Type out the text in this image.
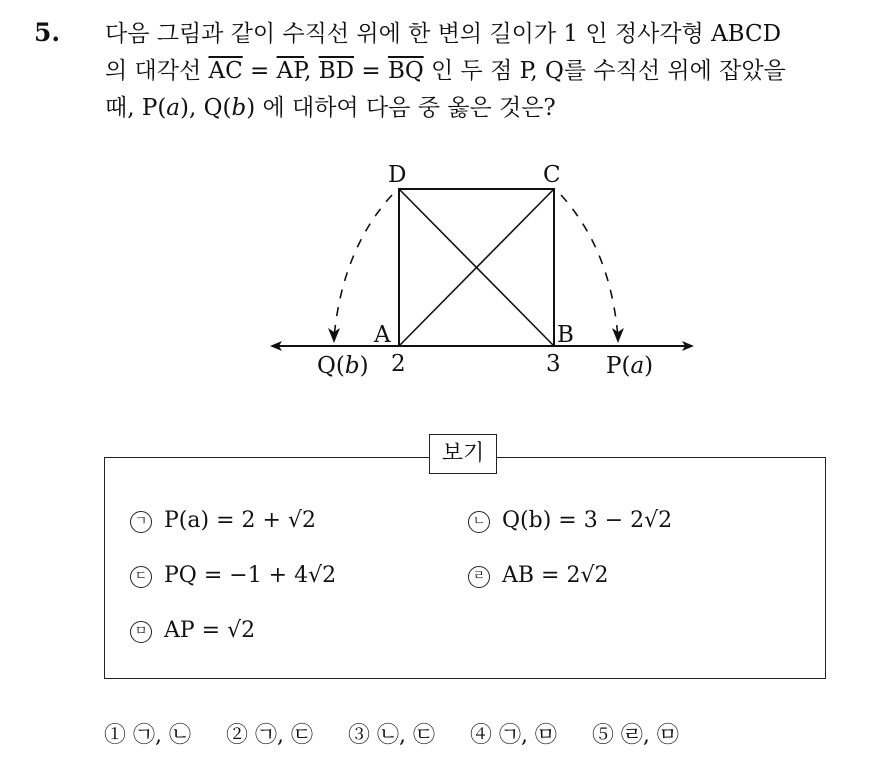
5. 다음 그림과 같이 수직선 위에 한 변의 길이가 1 인 정사각형 ABCD
의 대각선 $\overline{AC} = \overline{AP}$, $\overline{BD} = \overline{BQ}$ 인 두 점 P, Q를 수직선 위에 잡았을
때, P(a), Q(b) 에 대하여 다음 중 옳은 것은?
D	C
A	B
2	3
Q(b)	P(a)
보기
ㄱ P(a) = 2 + √2	ㄴ Q(b) = 3 − 2√2
ㄷ PQ = −1 + 4√2	ㄹ AB = 2√2
ㅁ AP = √2
① ㉠, ㉡ ② ㉠, ㉢ ③ ㉡, ㉢ ④ ㉠, ㉤ ⑤ ㉣, ㉤
